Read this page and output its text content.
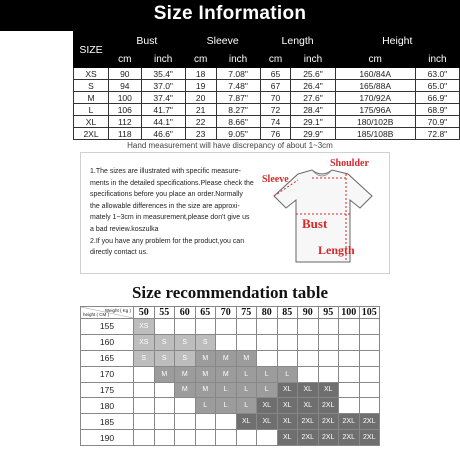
Size Information
SIZE	Bust		Sleeve		Length		Height	
	cm	inch	cm	inch	cm	inch	cm	inch
XS	90	35.4"	18	7.08"	65	25.6"	160/84A	63.0"
S	94	37.0"	19	7.48"	67	26.4"	165/88A	65.0"
M	100	37.4"	20	7.87"	70	27.6"	170/92A	66.9"
L	106	41.7"	21	8.27"	72	28.4"	175/96A	68.9"
XL	112	44.1"	22	8.66"	74	29.1"	180/102B	70.9"
2XL	118	46.6"	23	9.05"	76	29.9"	185/108B	72.8"
Hand measurement will have discrepancy of about 1~3cm

1.The sizes are illustrated with specific measure-

ments in the detailed specifications.Please check the

specifications before you place an order.Normally

the allowable differences in the size are approxi-

mately 1~3cm in measurement,please don't give us

a bad review.koszulka

2.If you have any problem for the product,you can

directly contact us.

Shoulder
Sleeve
Bust
Length
Size recommendation table
Weight ( Kg )
height ( CM )	50	55	60	65	70	75	80	85	90	95	100	105
155	XS											
160	XS	S	S	S								
165	S	S	S	M	M	M						
170		M	M	M	M	L	L	L				
175			M	M	L	L	L	XL	XL	XL		
180				L	L	L	XL	XL	XL	2XL		
185						XL	XL	XL	2XL	2XL	2XL	2XL
190								XL	2XL	2XL	2XL	2XL
